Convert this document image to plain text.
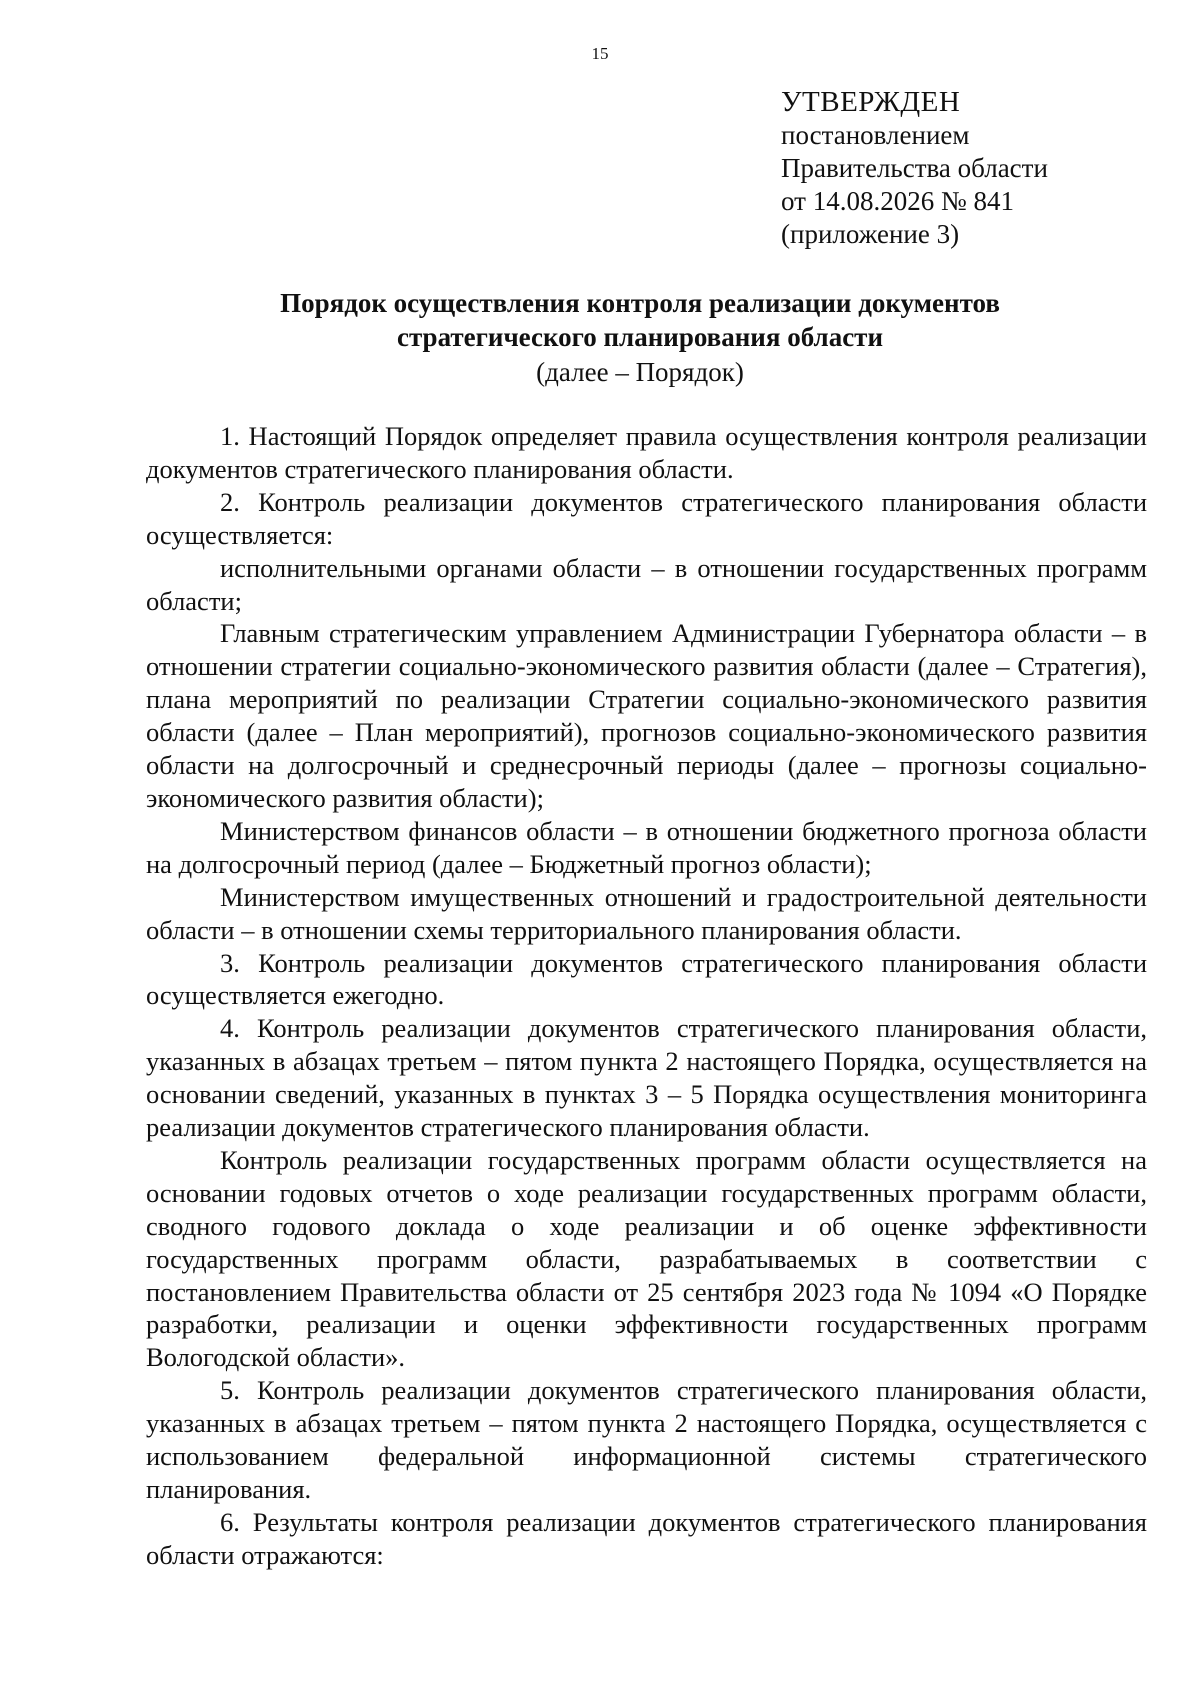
15
УТВЕРЖДЕН
постановлением
Правительства области
от 14.08.2026 № 841
(приложение 3)
Порядок осуществления контроля реализации документов
стратегического планирования области
(далее – Порядок)

1. Настоящий Порядок определяет правила осуществления контроля реализации документов стратегического планирования области.

2. Контроль реализации документов стратегического планирования области осуществляется:

исполнительными органами области – в отношении государственных программ области;

Главным стратегическим управлением Администрации Губернатора области – в отношении стратегии социально-экономического развития области (далее – Стратегия), плана мероприятий по реализации Стратегии социально-экономического развития области (далее – План мероприятий), прогнозов социально-экономического развития области на долгосрочный и среднесрочный периоды (далее – прогнозы социально-экономического развития области);

Министерством финансов области – в отношении бюджетного прогноза области на долгосрочный период (далее – Бюджетный прогноз области);

Министерством имущественных отношений и градостроительной деятельности области – в отношении схемы территориального планирования области.

3. Контроль реализации документов стратегического планирования области осуществляется ежегодно.

4. Контроль реализации документов стратегического планирования области, указанных в абзацах третьем – пятом пункта 2 настоящего Порядка, осуществляется на основании сведений, указанных в пунктах 3 – 5 Порядка осуществления мониторинга реализации документов стратегического планирования области.

Контроль реализации государственных программ области осуществляется на основании годовых отчетов о ходе реализации государственных программ области, сводного годового доклада о ходе реализации и об оценке эффективности государственных программ области, разрабатываемых в соответствии с постановлением Правительства области от 25 сентября 2023 года № 1094 «О Порядке разработки, реализации и оценки эффективности государственных программ Вологодской области».

5. Контроль реализации документов стратегического планирования области, указанных в абзацах третьем – пятом пункта 2 настоящего Порядка, осуществляется с использованием федеральной информационной системы стратегического планирования.

6. Результаты контроля реализации документов стратегического планирования области отражаются:
